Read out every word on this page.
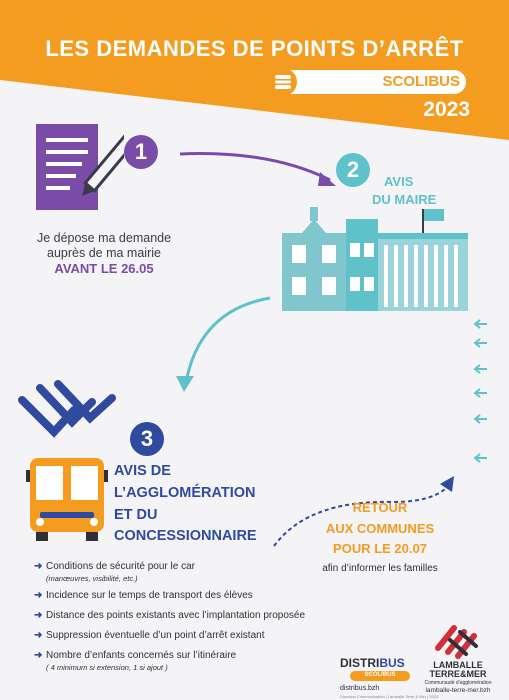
LES DEMANDES DE POINTS D’ARRÊT
SCOLIBUS
2023
1
Je dépose ma demande
auprès de ma mairie
AVANT LE 26.05
2	AVIS
DU MAIRE

3
AVIS DE
L’AGGLOMÉRATION
ET DU
CONCESSIONNAIRE
RETOUR
AUX COMMUNES
POUR LE 20.07
afin d’informer les familles
➜ Conditions de sécurité pour le car
(manœuvres, visibilité, etc.)
➜ Incidence sur le temps de transport des élèves
➜ Distance des points existants avec l’implantation proposée
➜ Suppression éventuelle d’un point d’arrêt existant
➜ Nombre d’enfants concernés sur l’itinéraire
( 4 minimum si extension, 1 si ajout )	DISTRIBUS
SCOLIBUS
distribus.bzh
LAMBALLE
TERRE&MER
Communauté d’agglomération
lamballe-terre-mer.bzh
Direction Communication | Lamballe Terre & Mer | 2023
